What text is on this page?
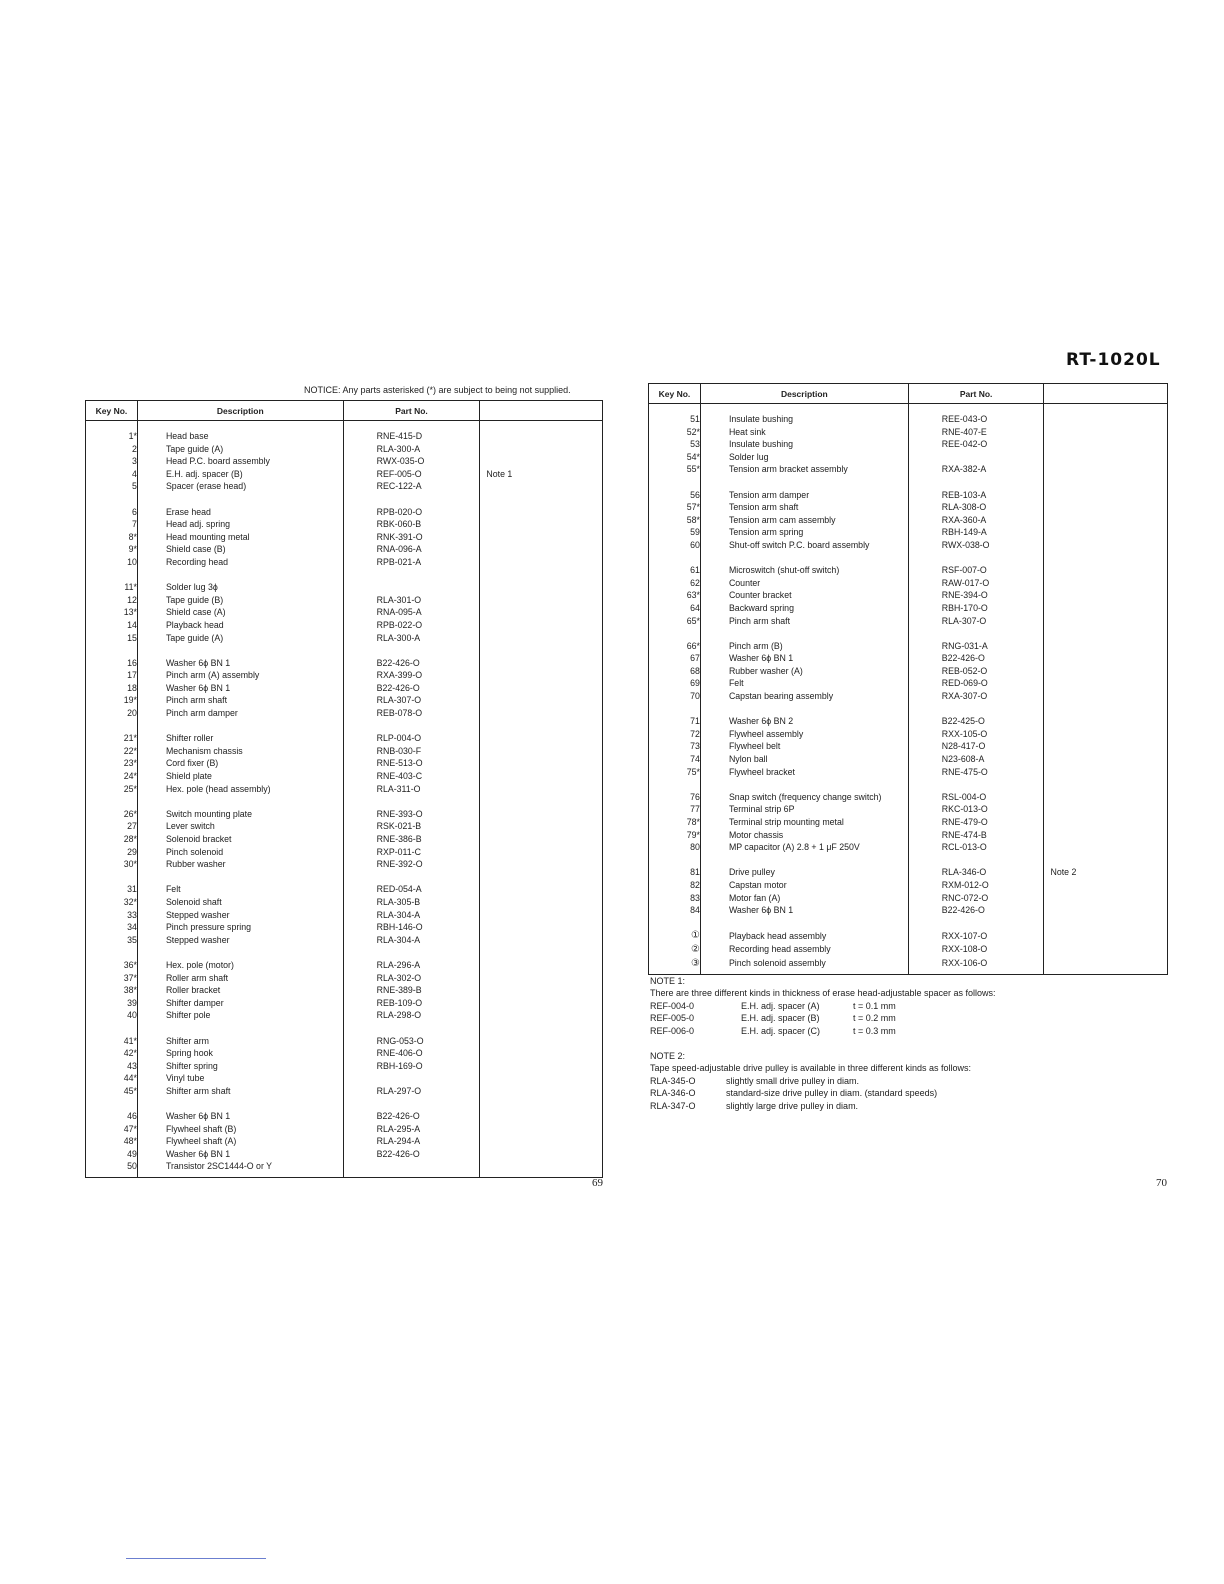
RT-1020L
NOTICE: Any parts asterisked (*) are subject to being not supplied.
Key No.	Description	Part No.	

1*	Head base	RNE-415-D	
2	Tape guide (A)	RLA-300-A	
3	Head P.C. board assembly	RWX-035-O	
4	E.H. adj. spacer (B)	REF-005-O	Note 1
5	Spacer (erase head)	REC-122-A	

6	Erase head	RPB-020-O	
7	Head adj. spring	RBK-060-B	
8*	Head mounting metal	RNK-391-O	
9*	Shield case (B)	RNA-096-A	
10	Recording head	RPB-021-A	

11*	Solder lug 3ϕ		
12	Tape guide (B)	RLA-301-O	
13*	Shield case (A)	RNA-095-A	
14	Playback head	RPB-022-O	
15	Tape guide (A)	RLA-300-A	

16	Washer 6ϕ BN 1	B22-426-O	
17	Pinch arm (A) assembly	RXA-399-O	
18	Washer 6ϕ BN 1	B22-426-O	
19*	Pinch arm shaft	RLA-307-O	
20	Pinch arm damper	REB-078-O	

21*	Shifter roller	RLP-004-O	
22*	Mechanism chassis	RNB-030-F	
23*	Cord fixer (B)	RNE-513-O	
24*	Shield plate	RNE-403-C	
25*	Hex. pole (head assembly)	RLA-311-O	

26*	Switch mounting plate	RNE-393-O	
27	Lever switch	RSK-021-B	
28*	Solenoid bracket	RNE-386-B	
29	Pinch solenoid	RXP-011-C	
30*	Rubber washer	RNE-392-O	

31	Felt	RED-054-A	
32*	Solenoid shaft	RLA-305-B	
33	Stepped washer	RLA-304-A	
34	Pinch pressure spring	RBH-146-O	
35	Stepped washer	RLA-304-A	

36*	Hex. pole (motor)	RLA-296-A	
37*	Roller arm shaft	RLA-302-O	
38*	Roller bracket	RNE-389-B	
39	Shifter damper	REB-109-O	
40	Shifter pole	RLA-298-O	

41*	Shifter arm	RNG-053-O	
42*	Spring hook	RNE-406-O	
43	Shifter spring	RBH-169-O	
44*	Vinyl tube		
45*	Shifter arm shaft	RLA-297-O	

46	Washer 6ϕ BN 1	B22-426-O	
47*	Flywheel shaft (B)	RLA-295-A	
48*	Flywheel shaft (A)	RLA-294-A	
49	Washer 6ϕ BN 1	B22-426-O	
50	Transistor 2SC1444-O or Y		

Key No.	Description	Part No.	

51	Insulate bushing	REE-043-O	
52*	Heat sink	RNE-407-E	
53	Insulate bushing	REE-042-O	
54*	Solder lug		
55*	Tension arm bracket assembly	RXA-382-A	

56	Tension arm damper	REB-103-A	
57*	Tension arm shaft	RLA-308-O	
58*	Tension arm cam assembly	RXA-360-A	
59	Tension arm spring	RBH-149-A	
60	Shut-off switch P.C. board assembly	RWX-038-O	

61	Microswitch (shut-off switch)	RSF-007-O	
62	Counter	RAW-017-O	
63*	Counter bracket	RNE-394-O	
64	Backward spring	RBH-170-O	
65*	Pinch arm shaft	RLA-307-O	

66*	Pinch arm (B)	RNG-031-A	
67	Washer 6ϕ BN 1	B22-426-O	
68	Rubber washer (A)	REB-052-O	
69	Felt	RED-069-O	
70	Capstan bearing assembly	RXA-307-O	

71	Washer 6ϕ BN 2	B22-425-O	
72	Flywheel assembly	RXX-105-O	
73	Flywheel belt	N28-417-O	
74	Nylon ball	N23-608-A	
75*	Flywheel bracket	RNE-475-O	

76	Snap switch (frequency change switch)	RSL-004-O	
77	Terminal strip 6P	RKC-013-O	
78*	Terminal strip mounting metal	RNE-479-O	
79*	Motor chassis	RNE-474-B	
80	MP capacitor (A) 2.8 + 1 μF 250V	RCL-013-O	

81	Drive pulley	RLA-346-O	Note 2
82	Capstan motor	RXM-012-O	
83	Motor fan (A)	RNC-072-O	
84	Washer 6ϕ BN 1	B22-426-O	

①	Playback head assembly	RXX-107-O	
②	Recording head assembly	RXX-108-O	
③	Pinch solenoid assembly	RXX-106-O	

NOTE 1:
There are three different kinds in thickness of erase head-adjustable spacer as follows:
REF-004-0	E.H. adj. spacer (A)	t = 0.1 mm
REF-005-0	E.H. adj. spacer (B)	t = 0.2 mm
REF-006-0	E.H. adj. spacer (C)	t = 0.3 mm
NOTE 2:
Tape speed-adjustable drive pulley is available in three different kinds as follows:
RLA-345-O	slightly small drive pulley in diam.
RLA-346-O	standard-size drive pulley in diam. (standard speeds)
RLA-347-O	slightly large drive pulley in diam.
69	70
